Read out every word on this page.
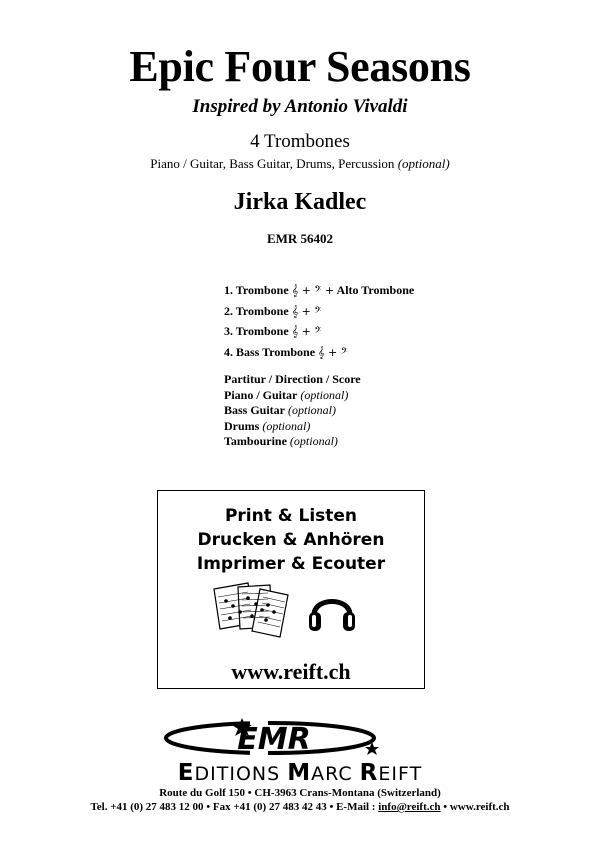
Epic Four Seasons
Inspired by Antonio Vivaldi
4 Trombones
Piano / Guitar, Bass Guitar, Drums, Percussion (optional)
Jirka Kadlec
EMR 56402
1. Trombone 𝄞 + 𝄢 + Alto Trombone
2. Trombone 𝄞 + 𝄢
3. Trombone 𝄞 + 𝄢
4. Bass Trombone 𝄞 + 𝄢
Partitur / Direction / Score
Piano / Guitar (optional)
Bass Guitar (optional)
Drums (optional)
Tambourine (optional)
Print & Listen
Drucken & Anhören
Imprimer & Ecouter
www.reift.ch
EMR
EDITIONS MARC REIFT
Route du Golf 150 • CH-3963 Crans-Montana (Switzerland)
Tel. +41 (0) 27 483 12 00 • Fax +41 (0) 27 483 42 43 • E-Mail : info@reift.ch • www.reift.ch
